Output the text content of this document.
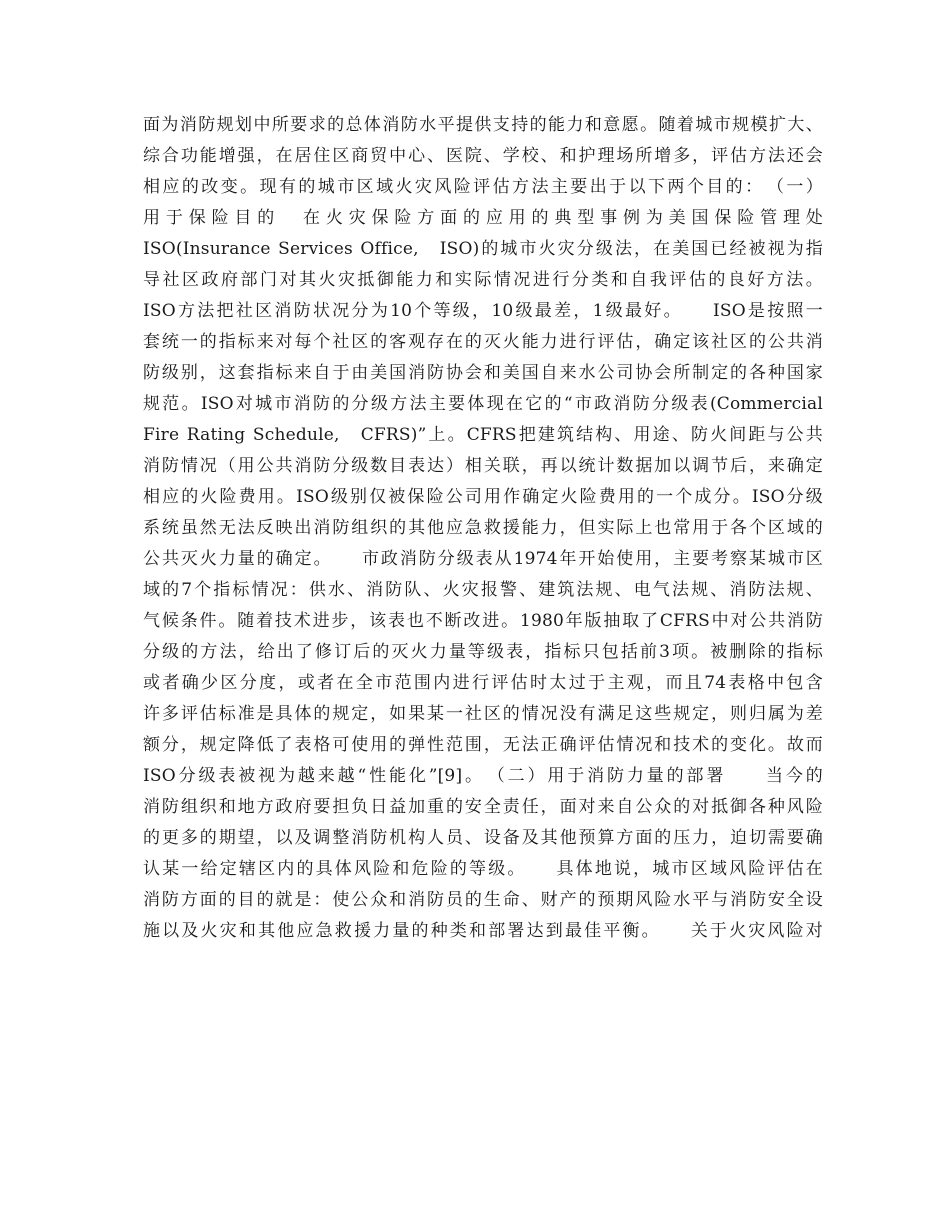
面为消防规划中所要求的总体消防水平提供支持的能力和意愿。随着城市规模扩大、
综合功能增强，在居住区商贸中心、医院、学校、和护理场所增多，评估方法还会
相应的改变。现有的城市区域火灾风险评估方法主要出于以下两个目的：　（一）
用于保险目的　在火灾保险方面的应用的典型事例为美国保险管理处
ISO(Insurance Services Office,　ISO)的城市火灾分级法，在美国已经被视为指
导社区政府部门对其火灾抵御能力和实际情况进行分类和自我评估的良好方法。
ISO方法把社区消防状况分为10个等级，10级最差，1级最好。　　ISO是按照一
套统一的指标来对每个社区的客观存在的灭火能力进行评估，确定该社区的公共消
防级别，这套指标来自于由美国消防协会和美国自来水公司协会所制定的各种国家
规范。ISO对城市消防的分级方法主要体现在它的“市政消防分级表(Commercial
Fire Rating Schedule,　CFRS)”上。CFRS把建筑结构、用途、防火间距与公共
消防情况（用公共消防分级数目表达）相关联，再以统计数据加以调节后，来确定
相应的火险费用。ISO级别仅被保险公司用作确定火险费用的一个成分。ISO分级
系统虽然无法反映出消防组织的其他应急救援能力，但实际上也常用于各个区域的
公共灭火力量的确定。　　市政消防分级表从1974年开始使用，主要考察某城市区
域的7个指标情况：供水、消防队、火灾报警、建筑法规、电气法规、消防法规、
气候条件。随着技术进步，该表也不断改进。1980年版抽取了CFRS中对公共消防
分级的方法，给出了修订后的灭火力量等级表，指标只包括前3项。被删除的指标
或者确少区分度，或者在全市范围内进行评估时太过于主观，而且74表格中包含
许多评估标准是具体的规定，如果某一社区的情况没有满足这些规定，则归属为差
额分，规定降低了表格可使用的弹性范围，无法正确评估情况和技术的变化。故而
ISO分级表被视为越来越“性能化”[9]。　（二）用于消防力量的部署　　当今的
消防组织和地方政府要担负日益加重的安全责任，面对来自公众的对抵御各种风险
的更多的期望，以及调整消防机构人员、设备及其他预算方面的压力，迫切需要确
认某一给定辖区内的具体风险和危险的等级。　　具体地说，城市区域风险评估在
消防方面的目的就是：使公众和消防员的生命、财产的预期风险水平与消防安全设
施以及火灾和其他应急救援力量的种类和部署达到最佳平衡。　　关于火灾风险对
